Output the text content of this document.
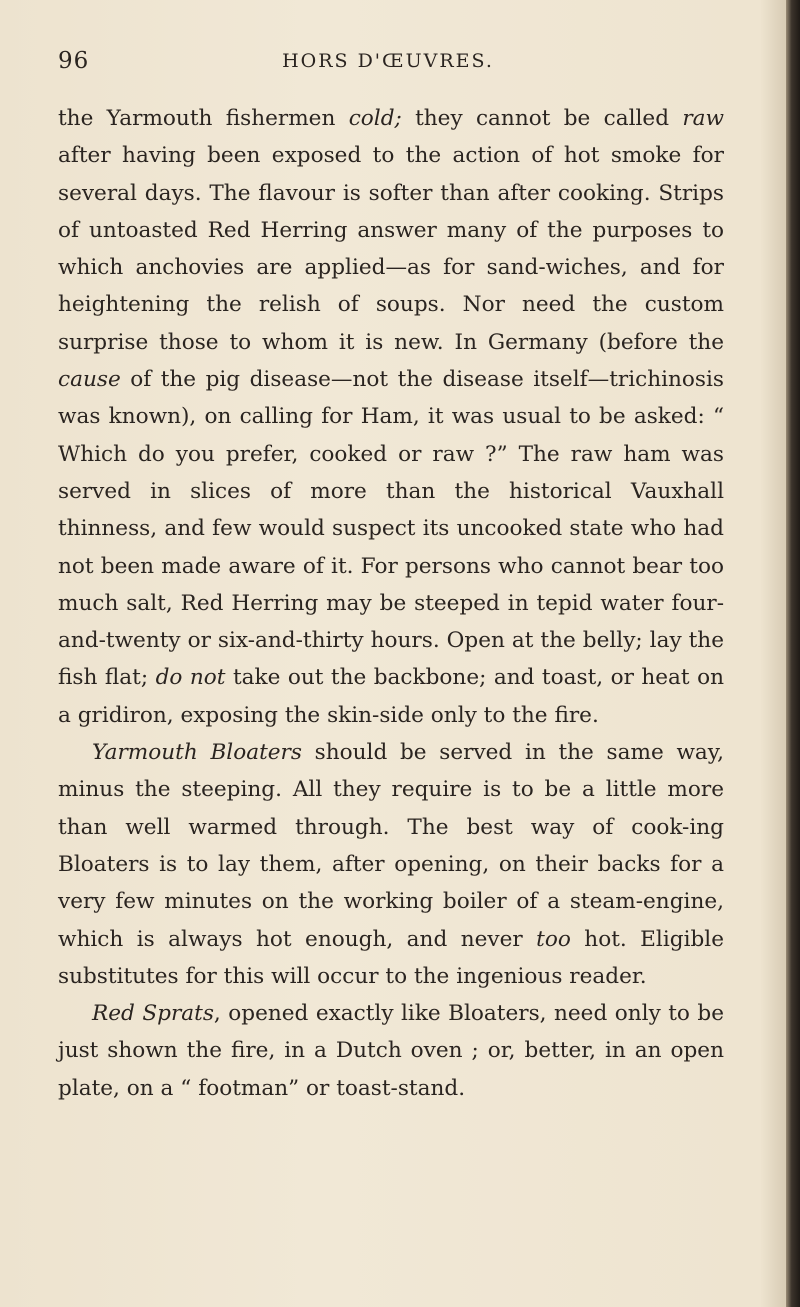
96	HORS D'ŒUVRES.

the Yarmouth fishermen cold; they cannot be called raw after having been exposed to the action of hot smoke for several days. The flavour is softer than after cooking. Strips of untoasted Red Herring answer many of the purposes to which anchovies are applied—as for sand-wiches, and for heightening the relish of soups. Nor need the custom surprise those to whom it is new. In Germany (before the cause of the pig disease—not the disease itself—trichinosis was known), on calling for Ham, it was usual to be asked: “ Which do you prefer, cooked or raw ?” The raw ham was served in slices of more than the historical Vauxhall thinness, and few would suspect its uncooked state who had not been made aware of it. For persons who cannot bear too much salt, Red Herring may be steeped in tepid water four-and-twenty or six-and-thirty hours. Open at the belly; lay the fish flat; do not take out the backbone; and toast, or heat on a gridiron, exposing the skin-side only to the fire.

Yarmouth Bloaters should be served in the same way, minus the steeping. All they require is to be a little more than well warmed through. The best way of cook-ing Bloaters is to lay them, after opening, on their backs for a very few minutes on the working boiler of a steam-engine, which is always hot enough, and never too hot. Eligible substitutes for this will occur to the ingenious reader.

Red Sprats, opened exactly like Bloaters, need only to be just shown the fire, in a Dutch oven ; or, better, in an open plate, on a “ footman” or toast-stand.
